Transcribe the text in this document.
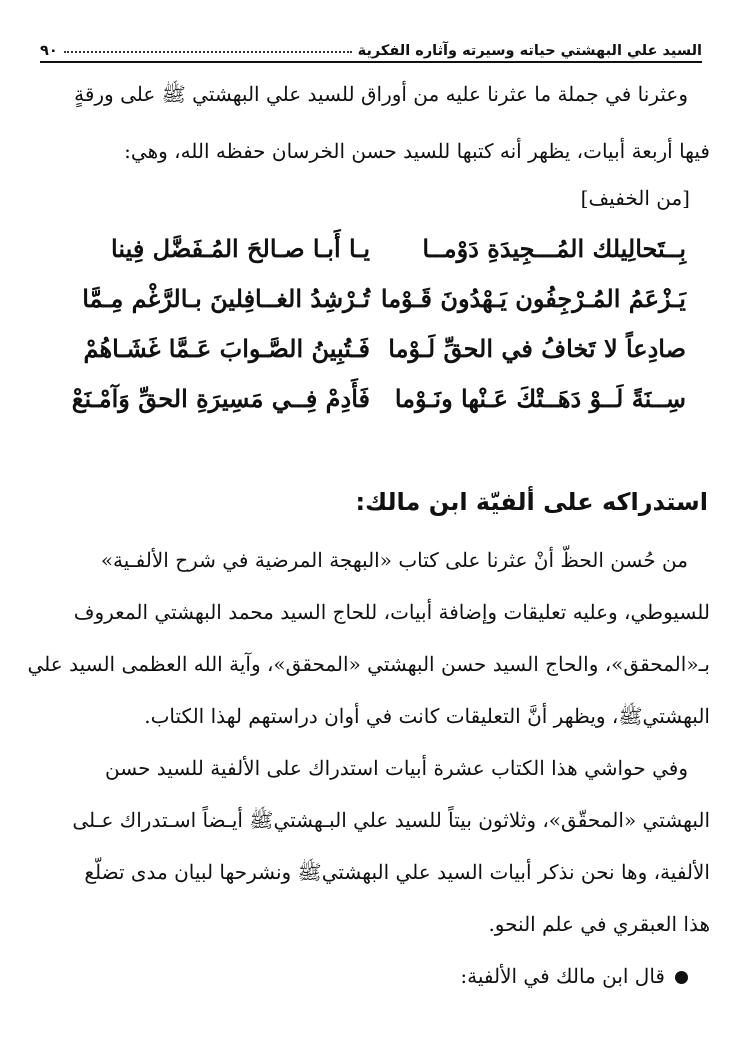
السيد علي البهشتي حياته وسيرته وآثاره الفكرية
٩٠
وعثرنا في جملة ما عثرنا عليه من أوراق للسيد علي البهشتي ﷺ على ورقةٍ
فيها أربعة أبيات، يظهر أنه كتبها للسيد حسن الخرسان حفظه الله، وهي:
[من الخفيف]
يـا أَبـا صـالحَ المُـفَضَّل فِينا بِــتَحالِيلك المُـــجِيدَةِ دَوْمــا
تُـرْشِدُ الغــافِلينَ بـالرَّغْم مِـمَّا يَـزْعَمُ المُـرْجِفُون يَـهْدُونَ قَـوْما
فَـتُبِينُ الصَّـوابَ عَـمَّا غَشَـاهُمْ صادِعاً لا تَخافُ في الحقِّ لَـوْما
فَأَدِمْ فِــي مَسِيرَةِ الحقِّ وَآمْـنَعْ سِــنَةً لَــوْ دَهَــتْكَ عَـنْها ونَـوْما
استدراكه على ألفيّة ابن مالك:
من حُسن الحظّ أنْ عثرنا على كتاب «البهجة المرضية في شرح الألفـية»
للسيوطي، وعليه تعليقات وإضافة أبيات، للحاج السيد محمد البهشتي المعروف
بـ«المحقق»، والحاج السيد حسن البهشتي «المحقق»، وآية الله العظمى السيد علي
البهشتيﷺ، ويظهر أنَّ التعليقات كانت في أوان دراستهم لهذا الكتاب.
وفي حواشي هذا الكتاب عشرة أبيات استدراك على الألفية للسيد حسن
البهشتي «المحقّق»، وثلاثون بيتاً للسيد علي البـهشتيﷺ أيـضاً اسـتدراك عـلى
الألفية، وها نحن نذكر أبيات السيد علي البهشتيﷺ ونشرحها لبيان مدى تضلّع
هذا العبقري في علم النحو.
قال ابن مالك في الألفية:
